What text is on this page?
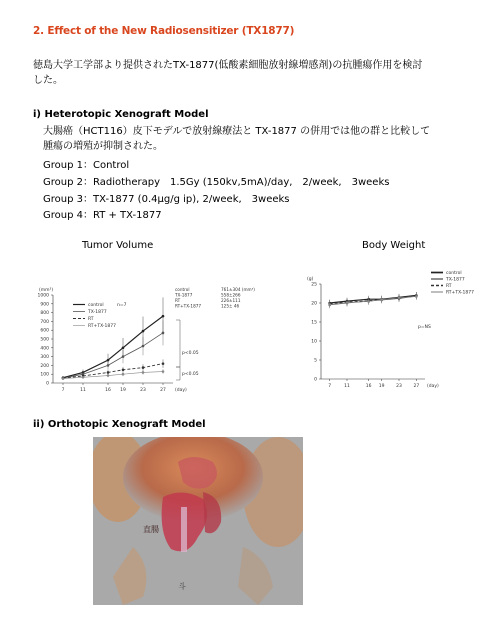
2. Effect of the New Radiosensitizer (TX1877)
徳島大学工学部より提供されたTX-1877(低酸素細胞放射線増感剤)の抗腫瘍作用を検討
した。
i) Heterotopic Xenograft Model
大腸癌（HCT116）皮下モデルで放射線療法と TX-1877 の併用では他の群と比較して
腫瘍の増殖が抑制された。
Group 1：Control
Group 2：Radiotherapy　1.5Gy (150kv,5mA)/day,　2/week,　3weeks
Group 3：TX-1877 (0.4μg/g ip), 2/week,　3weeks
Group 4：RT + TX-1877
Tumor Volume	Body Weight
0
100
200
300
400
500
600
700
800
900
1000
7	11	16 19	23	27
(mm³)
(day)
control
TX-1877
RT
RT+TX-1877
n=7
control	761±304 (mm³)
TX-1877	558±266
RT	226±111
RT+TX-1877	125± 46
p<0.05
p<0.05
0
5
10
15
20
25
7	11	16 19	23	27
(g)
(day)
control
TX-1877
RT
RT+TX-1877
p=NS
ii) Orthotopic Xenograft Model
直腸
斗
